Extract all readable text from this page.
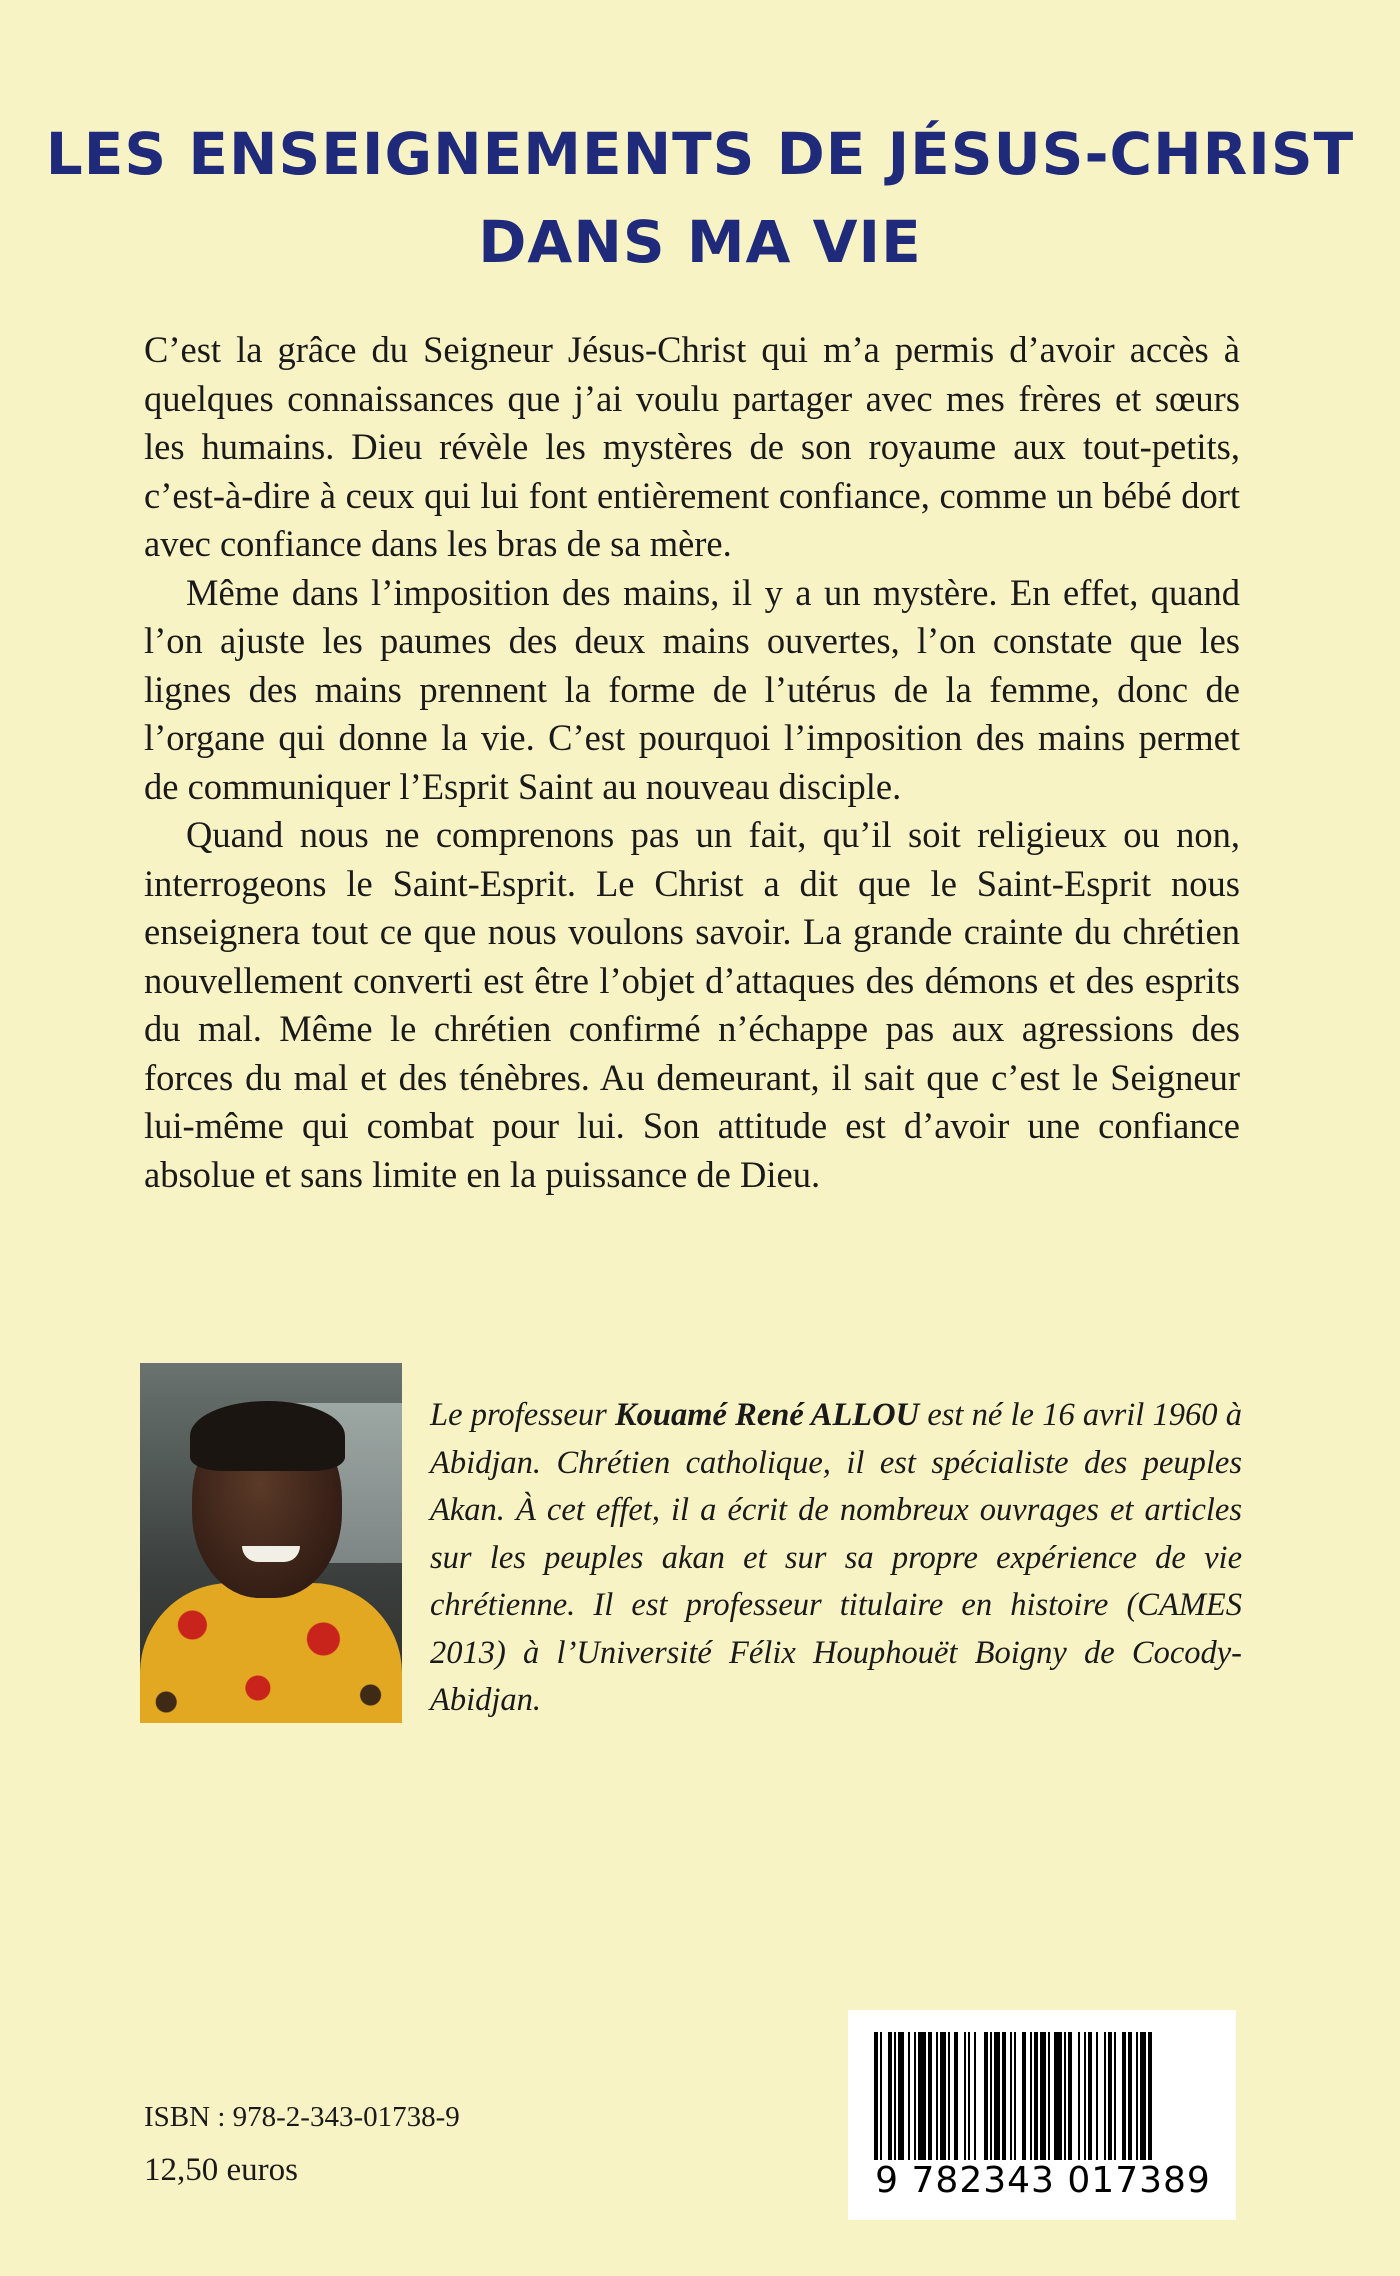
LES ENSEIGNEMENTS DE JÉSUS-CHRIST
DANS MA VIE

C’est la grâce du Seigneur Jésus-Christ qui m’a permis d’avoir accès à quelques connaissances que j’ai voulu partager avec mes frères et sœurs les humains. Dieu révèle les mystères de son royaume aux tout-petits, c’est-à-dire à ceux qui lui font entièrement confiance, comme un bébé dort avec confiance dans les bras de sa mère.

Même dans l’imposition des mains, il y a un mystère. En effet, quand l’on ajuste les paumes des deux mains ouvertes, l’on constate que les lignes des mains prennent la forme de l’utérus de la femme, donc de l’organe qui donne la vie. C’est pourquoi l’imposition des mains permet de communiquer l’Esprit Saint au nouveau disciple.

Quand nous ne comprenons pas un fait, qu’il soit religieux ou non, interrogeons le Saint-Esprit. Le Christ a dit que le Saint-Esprit nous enseignera tout ce que nous voulons savoir. La grande crainte du chrétien nouvellement converti est être l’objet d’attaques des démons et des esprits du mal. Même le chrétien confirmé n’échappe pas aux agressions des forces du mal et des ténèbres. Au demeurant, il sait que c’est le Seigneur lui-même qui combat pour lui. Son attitude est d’avoir une confiance absolue et sans limite en la puissance de Dieu.

Le professeur Kouamé René ALLOU est né le 16 avril 1960 à Abidjan. Chrétien catholique, il est spécialiste des peuples Akan. À cet effet, il a écrit de nombreux ouvrages et articles sur les peuples akan et sur sa propre expérience de vie chrétienne. Il est professeur titulaire en histoire (CAMES 2013) à l’Université Félix Houphouët Boigny de Cocody-Abidjan.

ISBN : 978-2-343-01738-9
12,50 euros	9 782343 017389
